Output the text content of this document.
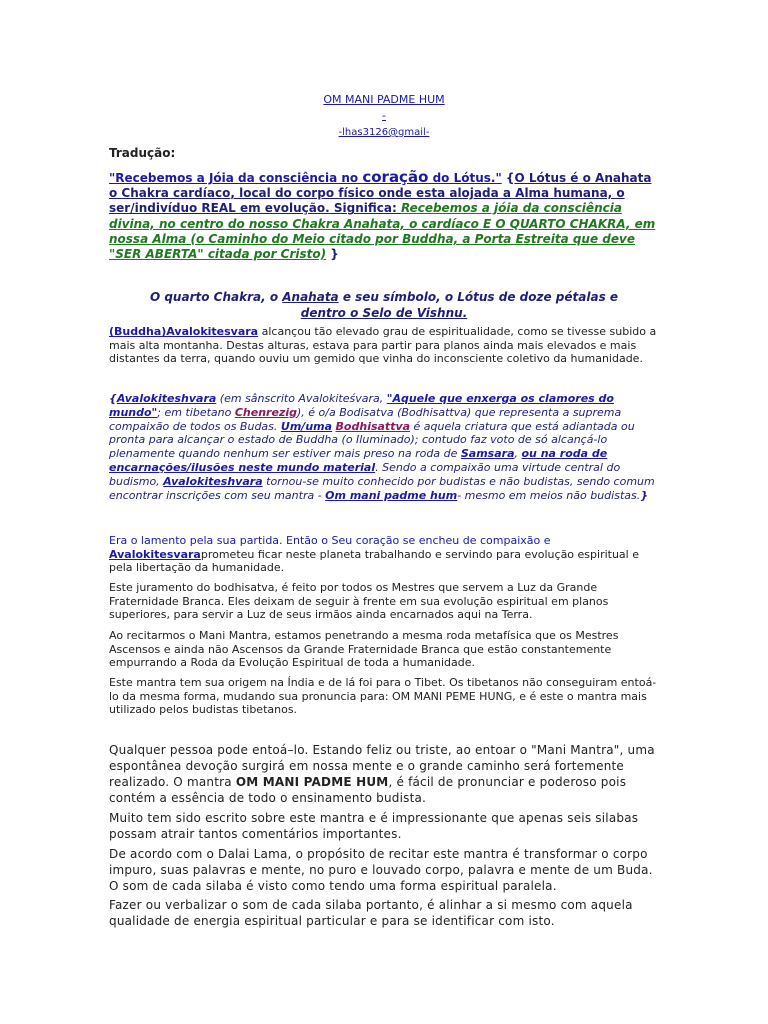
OM MANI PADME HUM
-
-lhas3126@gmail-
Tradução:
"Recebemos a Jóia da consciência no coração do Lótus." {O Lótus é o Anahata o Chakra cardíaco, local do corpo físico onde esta alojada a Alma humana, o ser/indivíduo REAL em evolução. Significa: Recebemos a jóia da consciência divina, no centro do nosso Chakra Anahata, o cardíaco E O QUARTO CHAKRA, em nossa Alma (o Caminho do Meio citado por Buddha, a Porta Estreita que deve "SER ABERTA" citada por Cristo) }
O quarto Chakra, o Anahata e seu símbolo, o Lótus de doze pétalas e
dentro o Selo de Vishnu.
(Buddha)Avalokitesvara alcançou tão elevado grau de espiritualidade, como se tivesse subido a mais alta montanha. Destas alturas, estava para partir para planos ainda mais elevados e mais distantes da terra, quando ouviu um gemido que vinha do inconsciente coletivo da humanidade.
{Avalokiteshvara (em sânscrito Avalokiteśvara, "Aquele que enxerga os clamores do mundo"; em tibetano Chenrezig), é o/a Bodisatva (Bodhisattva) que representa a suprema compaixão de todos os Budas. Um/uma Bodhisattva é aquela criatura que está adiantada ou pronta para alcançar o estado de Buddha (o Iluminado); contudo faz voto de só alcançá-lo plenamente quando nenhum ser estiver mais preso na roda de Samsara, ou na roda de encarnações/ilusões neste mundo material. Sendo a compaixão uma virtude central do budismo, Avalokiteshvara tornou-se muito conhecido por budistas e não budistas, sendo comum encontrar inscrições com seu mantra - Om mani padme hum- mesmo em meios não budistas.}
Era o lamento pela sua partida. Então o Seu coração se encheu de compaixão e Avalokitesvaraprometeu ficar neste planeta trabalhando e servindo para evolução espiritual e pela libertação da humanidade.
Este juramento do bodhisatva, é feito por todos os Mestres que servem a Luz da Grande Fraternidade Branca. Eles deixam de seguir à frente em sua evolução espiritual em planos superiores, para servir a Luz de seus irmãos ainda encarnados aqui na Terra.
Ao recitarmos o Mani Mantra, estamos penetrando a mesma roda metafísica que os Mestres Ascensos e ainda não Ascensos da Grande Fraternidade Branca que estão constantemente empurrando a Roda da Evolução Espiritual de toda a humanidade.
Este mantra tem sua origem na Índia e de lá foi para o Tibet. Os tibetanos não conseguiram entoá-lo da mesma forma, mudando sua pronuncia para: OM MANI PEME HUNG, e é este o mantra mais utilizado pelos budistas tibetanos.
Qualquer pessoa pode entoá–lo. Estando feliz ou triste, ao entoar o "Mani Mantra", uma espontânea devoção surgirá em nossa mente e o grande caminho será fortemente realizado. O mantra OM MANI PADME HUM, é fácil de pronunciar e poderoso pois contém a essência de todo o ensinamento budista.
Muito tem sido escrito sobre este mantra e é impressionante que apenas seis silabas possam atrair tantos comentários importantes.
De acordo com o Dalai Lama, o propósito de recitar este mantra é transformar o corpo impuro, suas palavras e mente, no puro e louvado corpo, palavra e mente de um Buda. O som de cada silaba é visto como tendo uma forma espiritual paralela.
Fazer ou verbalizar o som de cada silaba portanto, é alinhar a si mesmo com aquela qualidade de energia espiritual particular e para se identificar com isto.
